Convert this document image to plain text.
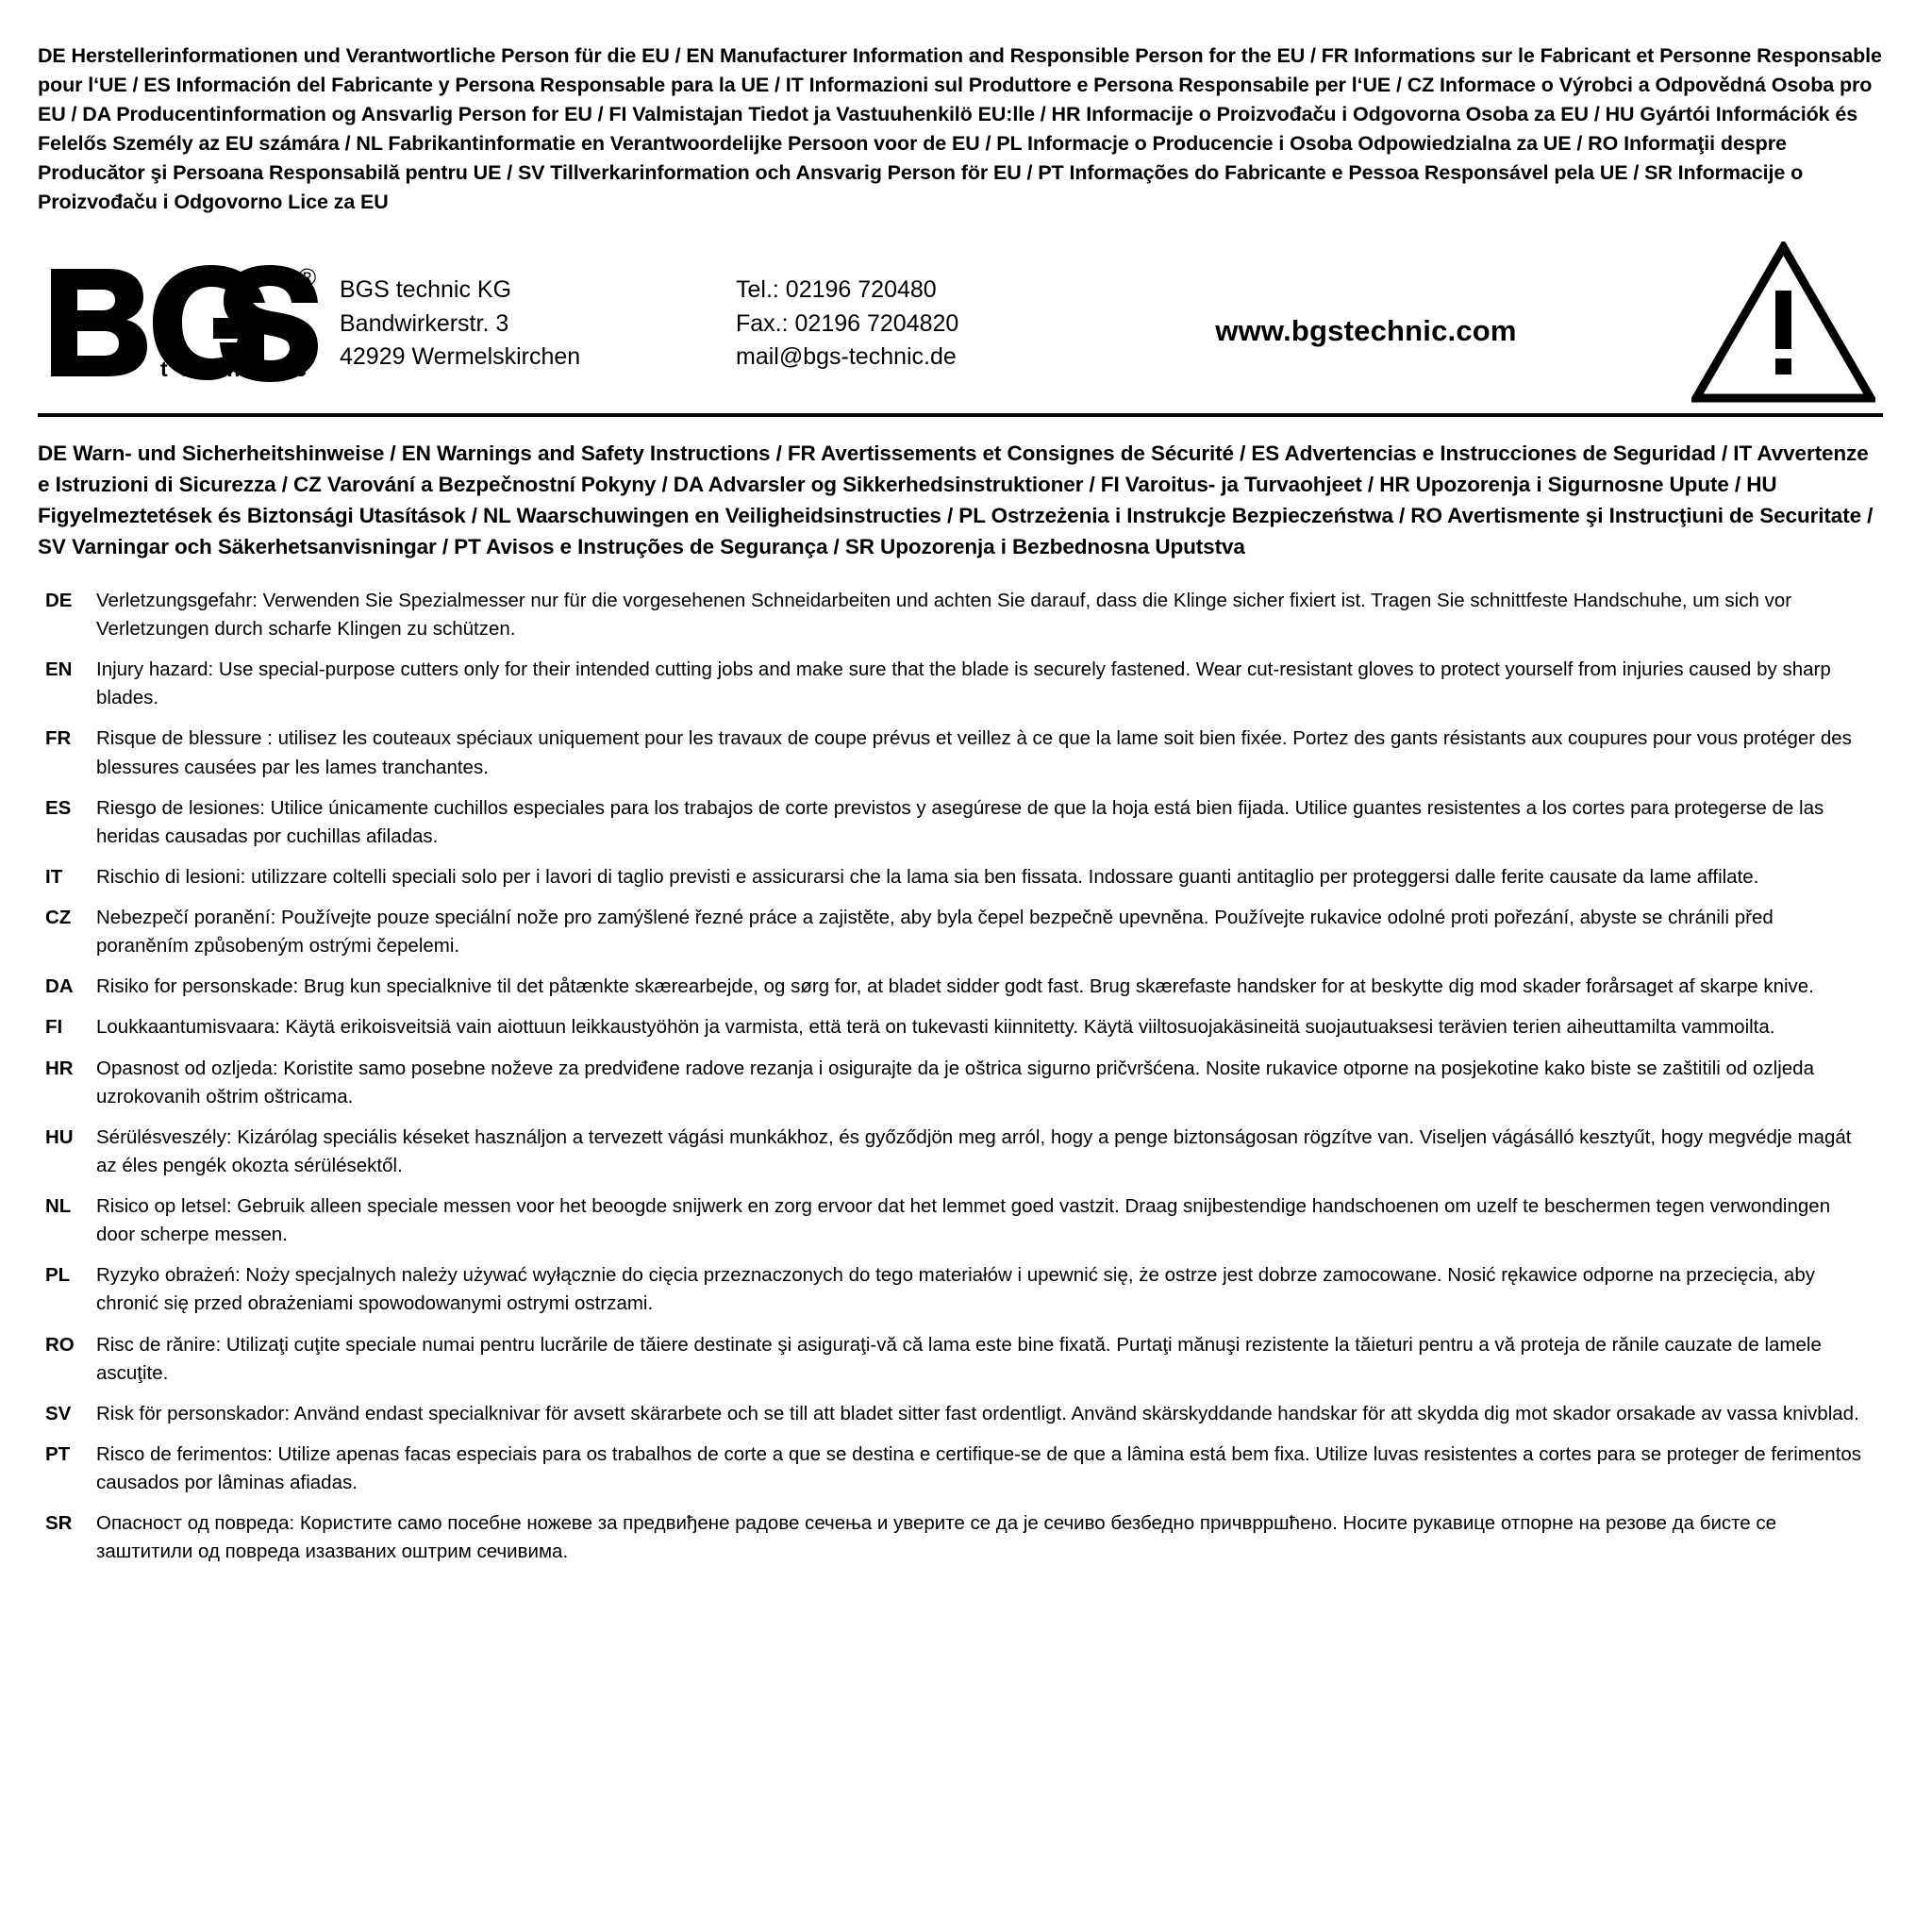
DE Herstellerinformationen und Verantwortliche Person für die EU / EN Manufacturer Information and Responsible Person for the EU / FR Informations sur le Fabricant et Personne Responsable pour l‘UE / ES Información del Fabricante y Persona Responsable para la UE / IT Informazioni sul Produttore e Persona Responsabile per l‘UE / CZ Informace o Výrobci a Odpovědná Osoba pro EU / DA Producentinformation og Ansvarlig Person for EU / FI Valmistajan Tiedot ja Vastuuhenkilö EU:lle / HR Informacije o Proizvođaču i Odgovorna Osoba za EU / HU Gyártói Információk és Felelős Személy az EU számára / NL Fabrikantinformatie en Verantwoordelijke Persoon voor de EU / PL Informacje o Producencie i Osoba Odpowiedzialna za UE / RO Informaţii despre Producător şi Persoana Responsabilă pentru UE / SV Tillverkarinformation och Ansvarig Person för EU / PT Informações do Fabricante e Pessoa Responsável pela UE / SR Informacije o Proizvođaču i Odgovorno Lice za EU
®
t e c h n i c
BGS technic KG
Bandwirkerstr. 3
42929 Wermelskirchen
Tel.: 02196 720480
Fax.: 02196 7204820
mail@bgs-technic.de
www.bgstechnic.com
DE Warn- und Sicherheitshinweise / EN Warnings and Safety Instructions / FR Avertissements et Consignes de Sécurité / ES Advertencias e Instrucciones de Seguridad / IT Avvertenze e Istruzioni di Sicurezza / CZ Varování a Bezpečnostní Pokyny / DA Advarsler og Sikkerhedsinstruktioner / FI Varoitus- ja Turvaohjeet / HR Upozorenja i Sigurnosne Upute / HU Figyelmeztetések és Biztonsági Utasítások / NL Waarschuwingen en Veiligheidsinstructies / PL Ostrzeżenia i Instrukcje Bezpieczeństwa / RO Avertismente şi Instrucţiuni de Securitate / SV Varningar och Säkerhetsanvisningar / PT Avisos e Instruções de Segurança / SR Upozorenja i Bezbednosna Uputstva
DE	Verletzungsgefahr: Verwenden Sie Spezialmesser nur für die vorgesehenen Schneidarbeiten und achten Sie darauf, dass die Klinge sicher fixiert ist. Tragen Sie schnittfeste Handschuhe, um sich vor Verletzungen durch scharfe Klingen zu schützen.
EN	Injury hazard: Use special-purpose cutters only for their intended cutting jobs and make sure that the blade is securely fastened. Wear cut-resistant gloves to protect yourself from injuries caused by sharp blades.
FR	Risque de blessure : utilisez les couteaux spéciaux uniquement pour les travaux de coupe prévus et veillez à ce que la lame soit bien fixée. Portez des gants résistants aux coupures pour vous protéger des blessures causées par les lames tranchantes.
ES	Riesgo de lesiones: Utilice únicamente cuchillos especiales para los trabajos de corte previstos y asegúrese de que la hoja está bien fijada. Utilice guantes resistentes a los cortes para protegerse de las heridas causadas por cuchillas afiladas.
IT	Rischio di lesioni: utilizzare coltelli speciali solo per i lavori di taglio previsti e assicurarsi che la lama sia ben fissata. Indossare guanti antitaglio per proteggersi dalle ferite causate da lame affilate.
CZ	Nebezpečí poranění: Používejte pouze speciální nože pro zamýšlené řezné práce a zajistěte, aby byla čepel bezpečně upevněna. Používejte rukavice odolné proti pořezání, abyste se chránili před poraněním způsobeným ostrými čepelemi.
DA	Risiko for personskade: Brug kun specialknive til det påtænkte skærearbejde, og sørg for, at bladet sidder godt fast. Brug skærefaste handsker for at beskytte dig mod skader forårsaget af skarpe knive.
FI	Loukkaantumisvaara: Käytä erikoisveitsiä vain aiottuun leikkaustyöhön ja varmista, että terä on tukevasti kiinnitetty. Käytä viiltosuojakäsineitä suojautuaksesi terävien terien aiheuttamilta vammoilta.
HR	Opasnost od ozljeda: Koristite samo posebne noževe za predviđene radove rezanja i osigurajte da je oštrica sigurno pričvršćena. Nosite rukavice otporne na posjekotine kako biste se zaštitili od ozljeda uzrokovanih oštrim oštricama.
HU	Sérülésveszély: Kizárólag speciális késeket használjon a tervezett vágási munkákhoz, és győződjön meg arról, hogy a penge biztonságosan rögzítve van. Viseljen vágásálló kesztyűt, hogy megvédje magát az éles pengék okozta sérülésektől.
NL	Risico op letsel: Gebruik alleen speciale messen voor het beoogde snijwerk en zorg ervoor dat het lemmet goed vastzit. Draag snijbestendige handschoenen om uzelf te beschermen tegen verwondingen door scherpe messen.
PL	Ryzyko obrażeń: Noży specjalnych należy używać wyłącznie do cięcia przeznaczonych do tego materiałów i upewnić się, że ostrze jest dobrze zamocowane. Nosić rękawice odporne na przecięcia, aby chronić się przed obrażeniami spowodowanymi ostrymi ostrzami.
RO	Risc de rănire: Utilizaţi cuţite speciale numai pentru lucrările de tăiere destinate şi asiguraţi-vă că lama este bine fixată. Purtaţi mănuşi rezistente la tăieturi pentru a vă proteja de rănile cauzate de lamele ascuţite.
SV	Risk för personskador: Använd endast specialknivar för avsett skärarbete och se till att bladet sitter fast ordentligt. Använd skärskyddande handskar för att skydda dig mot skador orsakade av vassa knivblad.
PT	Risco de ferimentos: Utilize apenas facas especiais para os trabalhos de corte a que se destina e certifique-se de que a lâmina está bem fixa. Utilize luvas resistentes a cortes para se proteger de ferimentos causados por lâminas afiadas.
SR	Опасност од повреда: Користите само посебне ножеве за предвиђене радове сечења и уверите се да је сечиво безбедно причврршћено. Носите рукавице отпорне на резове да бисте се заштитили од повреда изазваних оштрим сечивима.
